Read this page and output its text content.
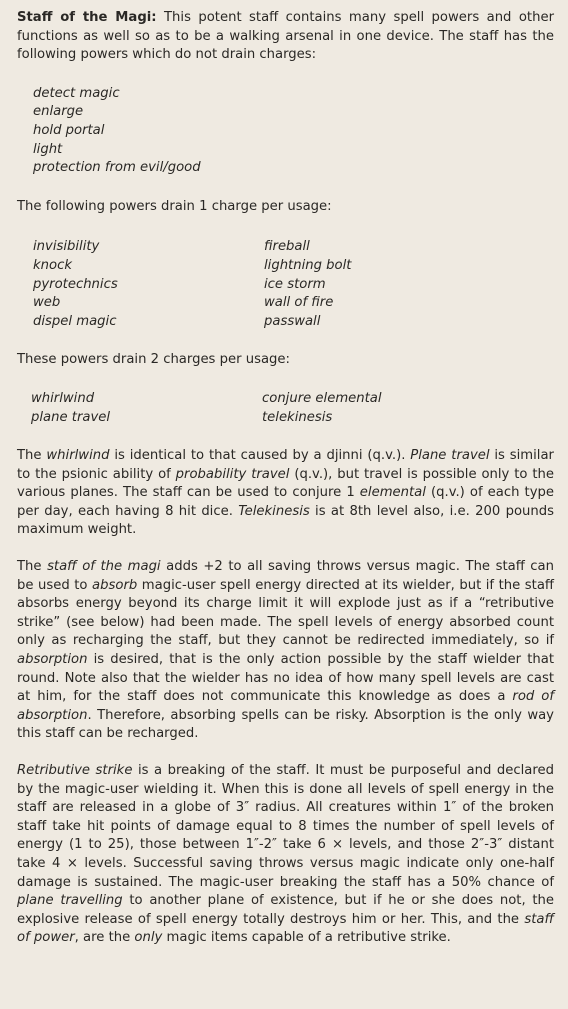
Staff of the Magi: This potent staff contains many spell powers and other functions as well so as to be a walking arsenal in one device. The staff has the following powers which do not drain charges:

detect magic
enlarge
hold portal
light
protection from evil/good

The following powers drain 1 charge per usage:

invisibility
knock
pyrotechnics
web
dispel magic
fireball
lightning bolt
ice storm
wall of fire
passwall

These powers drain 2 charges per usage:

whirlwind
plane travel
conjure elemental
telekinesis

The whirlwind is identical to that caused by a djinni (q.v.). Plane travel is similar to the psionic ability of probability travel (q.v.), but travel is possible only to the various planes. The staff can be used to conjure 1 elemental (q.v.) of each type per day, each having 8 hit dice. Telekinesis is at 8th level also, i.e. 200 pounds maximum weight.

The staff of the magi adds +2 to all saving throws versus magic. The staff can be used to absorb magic-user spell energy directed at its wielder, but if the staff absorbs energy beyond its charge limit it will explode just as if a “retributive strike” (see below) had been made. The spell levels of energy absorbed count only as recharging the staff, but they cannot be redirected immediately, so if absorption is desired, that is the only action possible by the staff wielder that round. Note also that the wielder has no idea of how many spell levels are cast at him, for the staff does not communicate this knowledge as does a rod of absorption. Therefore, absorbing spells can be risky. Absorption is the only way this staff can be recharged.

Retributive strike is a breaking of the staff. It must be purposeful and declared by the magic-user wielding it. When this is done all levels of spell energy in the staff are released in a globe of 3″ radius. All creatures within 1″ of the broken staff take hit points of damage equal to 8 times the number of spell levels of energy (1 to 25), those between 1″-2″ take 6 × levels, and those 2″-3″ distant take 4 × levels. Successful saving throws versus magic indicate only one-half damage is sustained. The magic-user breaking the staff has a 50% chance of plane travelling to another plane of existence, but if he or she does not, the explosive release of spell energy totally destroys him or her. This, and the staff of power, are the only magic items capable of a retributive strike.
